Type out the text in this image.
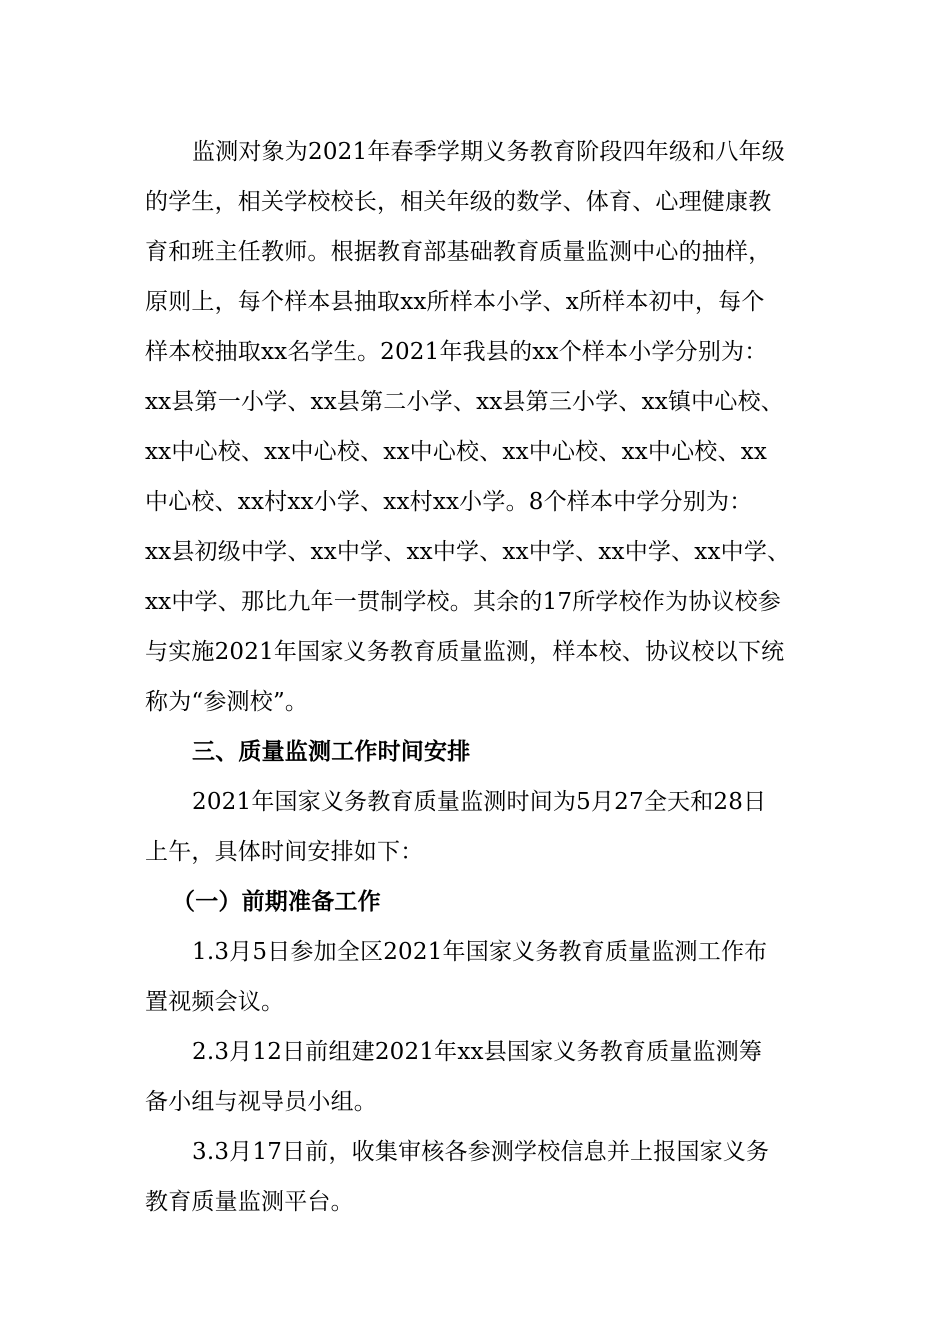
监测对象为2021年春季学期义务教育阶段四年级和八年级
的学生，相关学校校长，相关年级的数学、体育、心理健康教
育和班主任教师。根据教育部基础教育质量监测中心的抽样，
原则上，每个样本县抽取xx所样本小学、x所样本初中，每个
样本校抽取xx名学生。2021年我县的xx个样本小学分别为：
xx县第一小学、xx县第二小学、xx县第三小学、xx镇中心校、
xx中心校、xx中心校、xx中心校、xx中心校、xx中心校、xx
中心校、xx村xx小学、xx村xx小学。8个样本中学分别为：
xx县初级中学、xx中学、xx中学、xx中学、xx中学、xx中学、
xx中学、那比九年一贯制学校。其余的17所学校作为协议校参
与实施2021年国家义务教育质量监测，样本校、协议校以下统
称为“参测校”。
三、质量监测工作时间安排
2021年国家义务教育质量监测时间为5月27全天和28日
上午，具体时间安排如下：
（一）前期准备工作
1.3月5日参加全区2021年国家义务教育质量监测工作布
置视频会议。
2.3月12日前组建2021年xx县国家义务教育质量监测筹
备小组与视导员小组。
3.3月17日前，收集审核各参测学校信息并上报国家义务
教育质量监测平台。
